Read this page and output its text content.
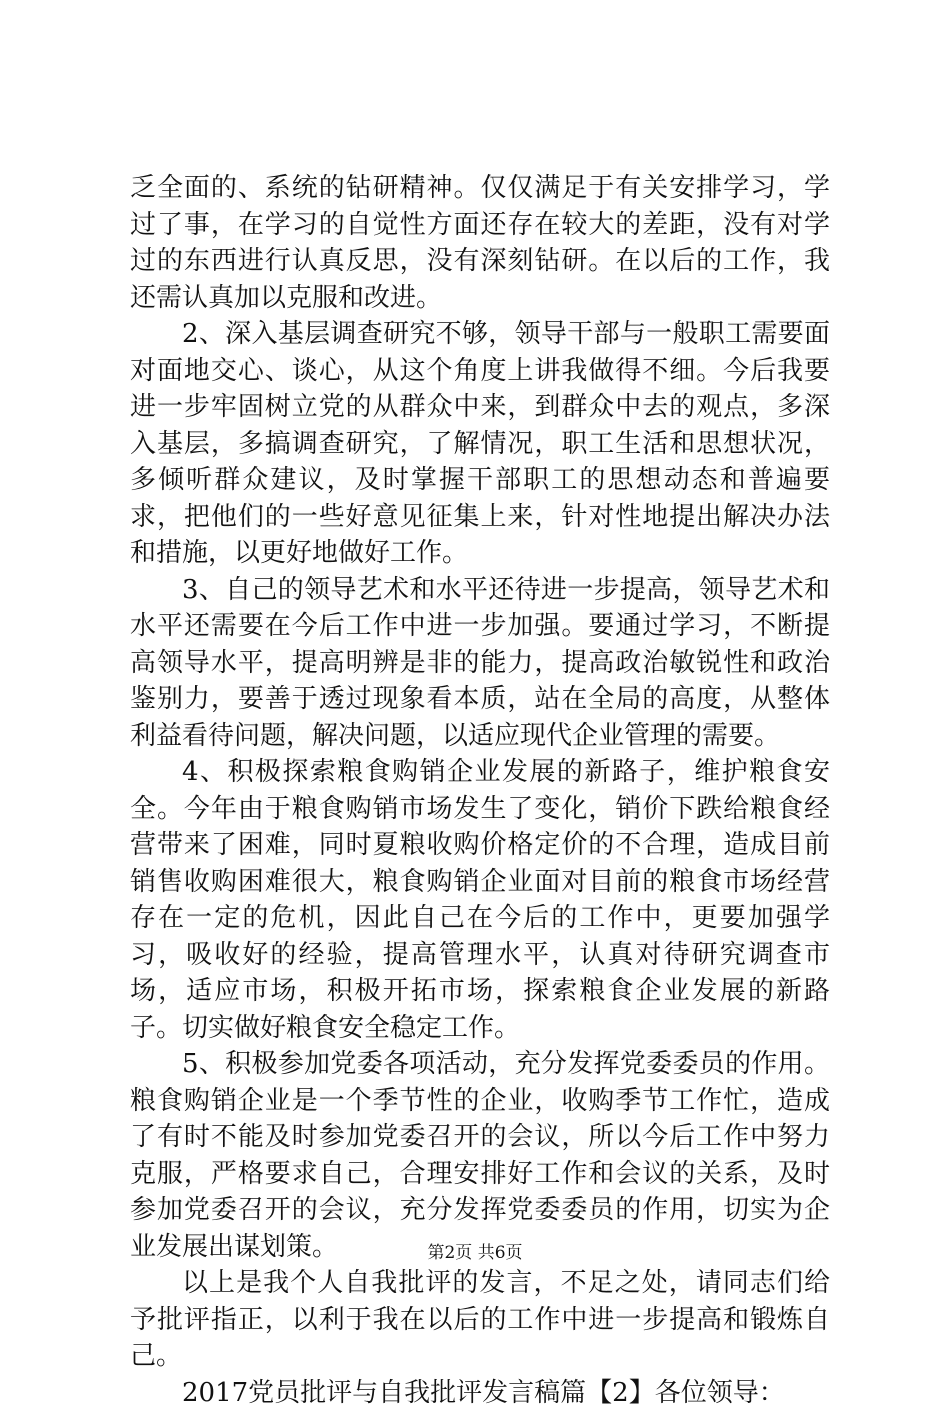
乏全面的、系统的钻研精神。仅仅满足于有关安排学习，学过了事，在学习的自觉性方面还存在较大的差距，没有对学过的东西进行认真反思，没有深刻钻研。在以后的工作，我还需认真加以克服和改进。

2、深入基层调查研究不够，领导干部与一般职工需要面对面地交心、谈心，从这个角度上讲我做得不细。今后我要进一步牢固树立党的从群众中来，到群众中去的观点，多深入基层，多搞调查研究，了解情况，职工生活和思想状况，多倾听群众建议，及时掌握干部职工的思想动态和普遍要求，把他们的一些好意见征集上来，针对性地提出解决办法和措施，以更好地做好工作。

3、自己的领导艺术和水平还待进一步提高，领导艺术和水平还需要在今后工作中进一步加强。要通过学习，不断提高领导水平，提高明辨是非的能力，提高政治敏锐性和政治鉴别力，要善于透过现象看本质，站在全局的高度，从整体利益看待问题，解决问题，以适应现代企业管理的需要。

4、积极探索粮食购销企业发展的新路子，维护粮食安全。今年由于粮食购销市场发生了变化，销价下跌给粮食经营带来了困难，同时夏粮收购价格定价的不合理，造成目前销售收购困难很大，粮食购销企业面对目前的粮食市场经营存在一定的危机，因此自己在今后的工作中，更要加强学习，吸收好的经验，提高管理水平，认真对待研究调查市场，适应市场，积极开拓市场，探索粮食企业发展的新路子。切实做好粮食安全稳定工作。

5、积极参加党委各项活动，充分发挥党委委员的作用。粮食购销企业是一个季节性的企业，收购季节工作忙，造成了有时不能及时参加党委召开的会议，所以今后工作中努力克服，严格要求自己，合理安排好工作和会议的关系，及时参加党委召开的会议，充分发挥党委委员的作用，切实为企业发展出谋划策。

以上是我个人自我批评的发言，不足之处，请同志们给予批评指正，以利于我在以后的工作中进一步提高和锻炼自己。

2017党员批评与自我批评发言稿篇【2】各位领导：

第2页 共6页
